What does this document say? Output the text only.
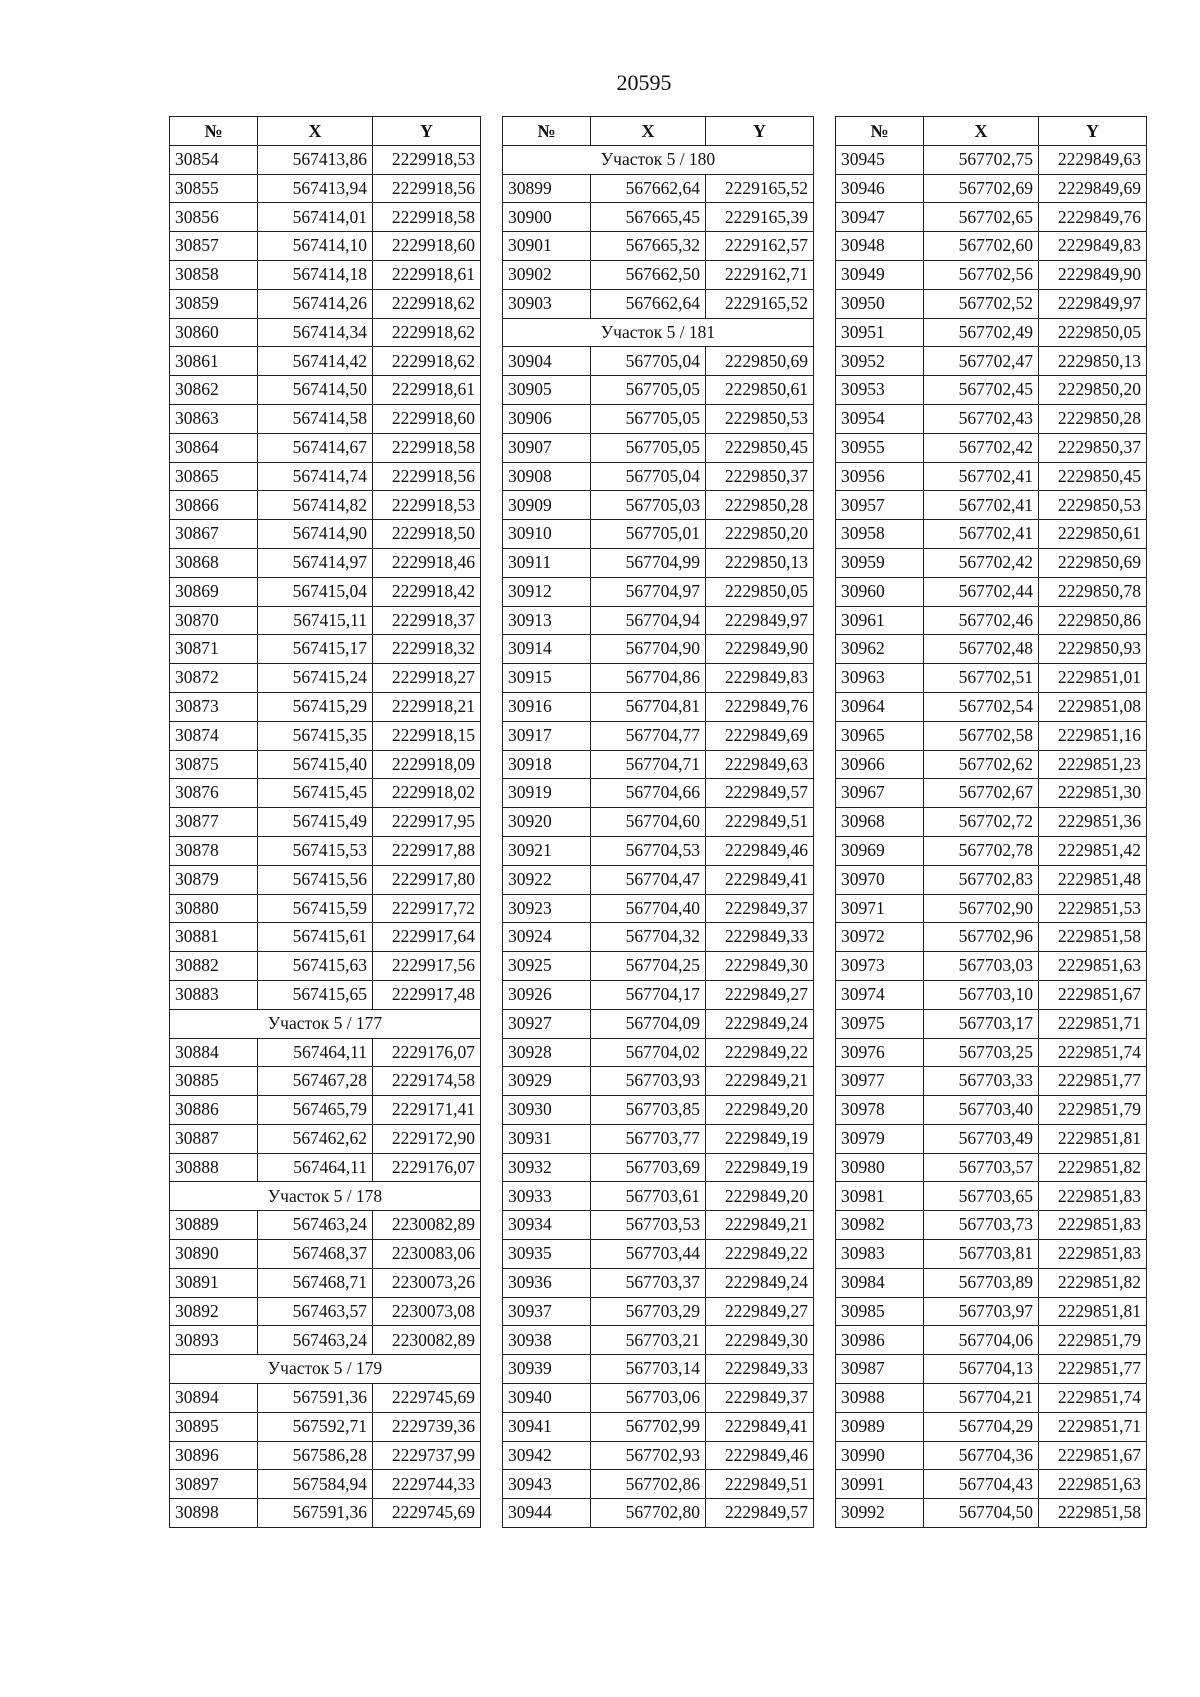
20595
№	X	Y
30854	567413,86	2229918,53
30855	567413,94	2229918,56
30856	567414,01	2229918,58
30857	567414,10	2229918,60
30858	567414,18	2229918,61
30859	567414,26	2229918,62
30860	567414,34	2229918,62
30861	567414,42	2229918,62
30862	567414,50	2229918,61
30863	567414,58	2229918,60
30864	567414,67	2229918,58
30865	567414,74	2229918,56
30866	567414,82	2229918,53
30867	567414,90	2229918,50
30868	567414,97	2229918,46
30869	567415,04	2229918,42
30870	567415,11	2229918,37
30871	567415,17	2229918,32
30872	567415,24	2229918,27
30873	567415,29	2229918,21
30874	567415,35	2229918,15
30875	567415,40	2229918,09
30876	567415,45	2229918,02
30877	567415,49	2229917,95
30878	567415,53	2229917,88
30879	567415,56	2229917,80
30880	567415,59	2229917,72
30881	567415,61	2229917,64
30882	567415,63	2229917,56
30883	567415,65	2229917,48
Участок 5 / 177		
30884	567464,11	2229176,07
30885	567467,28	2229174,58
30886	567465,79	2229171,41
30887	567462,62	2229172,90
30888	567464,11	2229176,07
Участок 5 / 178		
30889	567463,24	2230082,89
30890	567468,37	2230083,06
30891	567468,71	2230073,26
30892	567463,57	2230073,08
30893	567463,24	2230082,89
Участок 5 / 179		
30894	567591,36	2229745,69
30895	567592,71	2229739,36
30896	567586,28	2229737,99
30897	567584,94	2229744,33
30898	567591,36	2229745,69
№	X	Y
Участок 5 / 180		
30899	567662,64	2229165,52
30900	567665,45	2229165,39
30901	567665,32	2229162,57
30902	567662,50	2229162,71
30903	567662,64	2229165,52
Участок 5 / 181		
30904	567705,04	2229850,69
30905	567705,05	2229850,61
30906	567705,05	2229850,53
30907	567705,05	2229850,45
30908	567705,04	2229850,37
30909	567705,03	2229850,28
30910	567705,01	2229850,20
30911	567704,99	2229850,13
30912	567704,97	2229850,05
30913	567704,94	2229849,97
30914	567704,90	2229849,90
30915	567704,86	2229849,83
30916	567704,81	2229849,76
30917	567704,77	2229849,69
30918	567704,71	2229849,63
30919	567704,66	2229849,57
30920	567704,60	2229849,51
30921	567704,53	2229849,46
30922	567704,47	2229849,41
30923	567704,40	2229849,37
30924	567704,32	2229849,33
30925	567704,25	2229849,30
30926	567704,17	2229849,27
30927	567704,09	2229849,24
30928	567704,02	2229849,22
30929	567703,93	2229849,21
30930	567703,85	2229849,20
30931	567703,77	2229849,19
30932	567703,69	2229849,19
30933	567703,61	2229849,20
30934	567703,53	2229849,21
30935	567703,44	2229849,22
30936	567703,37	2229849,24
30937	567703,29	2229849,27
30938	567703,21	2229849,30
30939	567703,14	2229849,33
30940	567703,06	2229849,37
30941	567702,99	2229849,41
30942	567702,93	2229849,46
30943	567702,86	2229849,51
30944	567702,80	2229849,57
№	X	Y
30945	567702,75	2229849,63
30946	567702,69	2229849,69
30947	567702,65	2229849,76
30948	567702,60	2229849,83
30949	567702,56	2229849,90
30950	567702,52	2229849,97
30951	567702,49	2229850,05
30952	567702,47	2229850,13
30953	567702,45	2229850,20
30954	567702,43	2229850,28
30955	567702,42	2229850,37
30956	567702,41	2229850,45
30957	567702,41	2229850,53
30958	567702,41	2229850,61
30959	567702,42	2229850,69
30960	567702,44	2229850,78
30961	567702,46	2229850,86
30962	567702,48	2229850,93
30963	567702,51	2229851,01
30964	567702,54	2229851,08
30965	567702,58	2229851,16
30966	567702,62	2229851,23
30967	567702,67	2229851,30
30968	567702,72	2229851,36
30969	567702,78	2229851,42
30970	567702,83	2229851,48
30971	567702,90	2229851,53
30972	567702,96	2229851,58
30973	567703,03	2229851,63
30974	567703,10	2229851,67
30975	567703,17	2229851,71
30976	567703,25	2229851,74
30977	567703,33	2229851,77
30978	567703,40	2229851,79
30979	567703,49	2229851,81
30980	567703,57	2229851,82
30981	567703,65	2229851,83
30982	567703,73	2229851,83
30983	567703,81	2229851,83
30984	567703,89	2229851,82
30985	567703,97	2229851,81
30986	567704,06	2229851,79
30987	567704,13	2229851,77
30988	567704,21	2229851,74
30989	567704,29	2229851,71
30990	567704,36	2229851,67
30991	567704,43	2229851,63
30992	567704,50	2229851,58
